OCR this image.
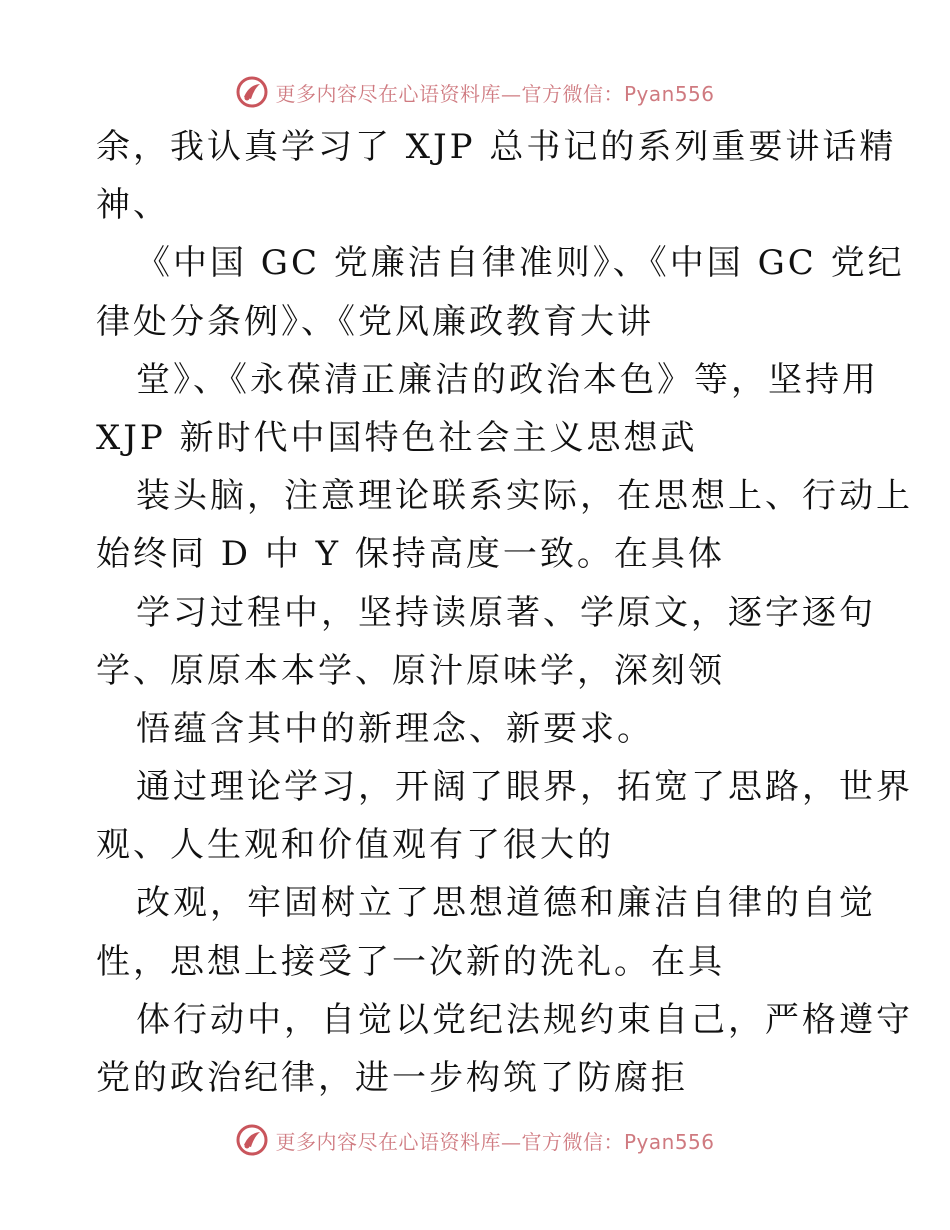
更多内容尽在心语资料库—官方微信：Pyan556
余，我认真学习了 XJP 总书记的系列重要讲话精
神、
《中国 GC 党廉洁自律准则》、《中国 GC 党纪
律处分条例》、《党风廉政教育大讲
堂》、《永葆清正廉洁的政治本色》等，坚持用
XJP 新时代中国特色社会主义思想武
装头脑，注意理论联系实际，在思想上、行动上
始终同 D 中 Y 保持高度一致。在具体
学习过程中，坚持读原著、学原文，逐字逐句
学、原原本本学、原汁原味学，深刻领
悟蕴含其中的新理念、新要求。
通过理论学习，开阔了眼界，拓宽了思路，世界
观、人生观和价值观有了很大的
改观，牢固树立了思想道德和廉洁自律的自觉
性，思想上接受了一次新的洗礼。在具
体行动中，自觉以党纪法规约束自己，严格遵守
党的政治纪律，进一步构筑了防腐拒
更多内容尽在心语资料库—官方微信：Pyan556
